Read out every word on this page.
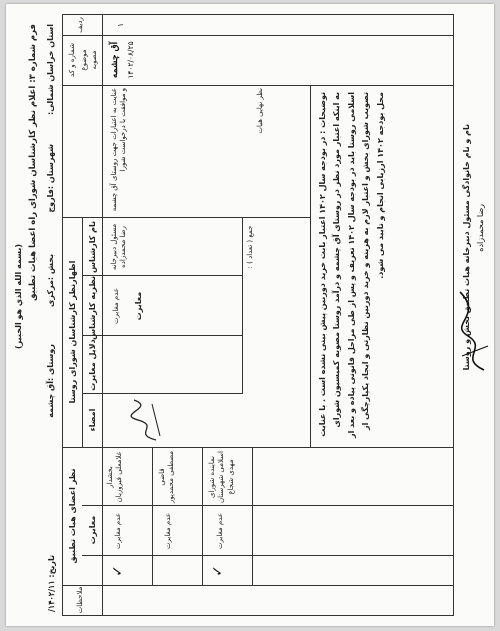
(بسمه الله الذي هو الخبير) فرم شماره ۳: اعلام نظر کارشناسان شورای راه اعضا هیات تطبیق استان خراسان شمالی:
شهرستان :فاروج
بخش :مرکزی
روستای :آق چشمه
تاریخ: ۱۴۰۲/۱۱/
ردیف
شماره و کد موضوع مصوبه
اظهارنظر کارشناسان شورای روستا
نام کارشناس
نظریه کارشناس
دلایل مغایرت
امضاء
نظر اعضای هیات تطبیق مغایرت
ملاحظات
۱
آق چشمه ۱۴۰۲/۰۸/۲۵
عنایت به اعتبارات جهت روستای آق چشمه و موافقت با درخواست شورا
مسئول دبیرخانه رضا محمدزاده
عدم مغایرت مغایرت
جمع ( تعداد ) :
بخشدار غلامعلی فیروزیان
عدم مغایرت
✓
قاضی مصطفی محمدپور
عدم مغایرت
نماینده شورای اسلامی شهرستان مهدی شجاع
عدم مغایرت
✓
نظر نهایی هیات
توضیحات : در بودجه سال ۱۴۰۲ اعتبار بابت خرید دوربین پیش بینی نشده است . با عنایت به اینکه اعتبار مورد نظر در روستای آق چشمه و درآمد روستا مصوبه کمیسیون شورای اسلامی روستا باید در بودجه سال ۱۴۰۲ تعریف و پس از طی مراحل قانونی پیاده و بعد از تصویب شورای بخش و اعتبار لازم به هزینه و خرید دوربین نظارتی و ایجاد یکپارچگی از محل بودجه ۱۴۰۲ ارزیابی انجام و تایید می شود.
نام و نام خانوادگی مسئول دبیرخانه هیات تطبیق بخش و روستا رضا محمدزاده
